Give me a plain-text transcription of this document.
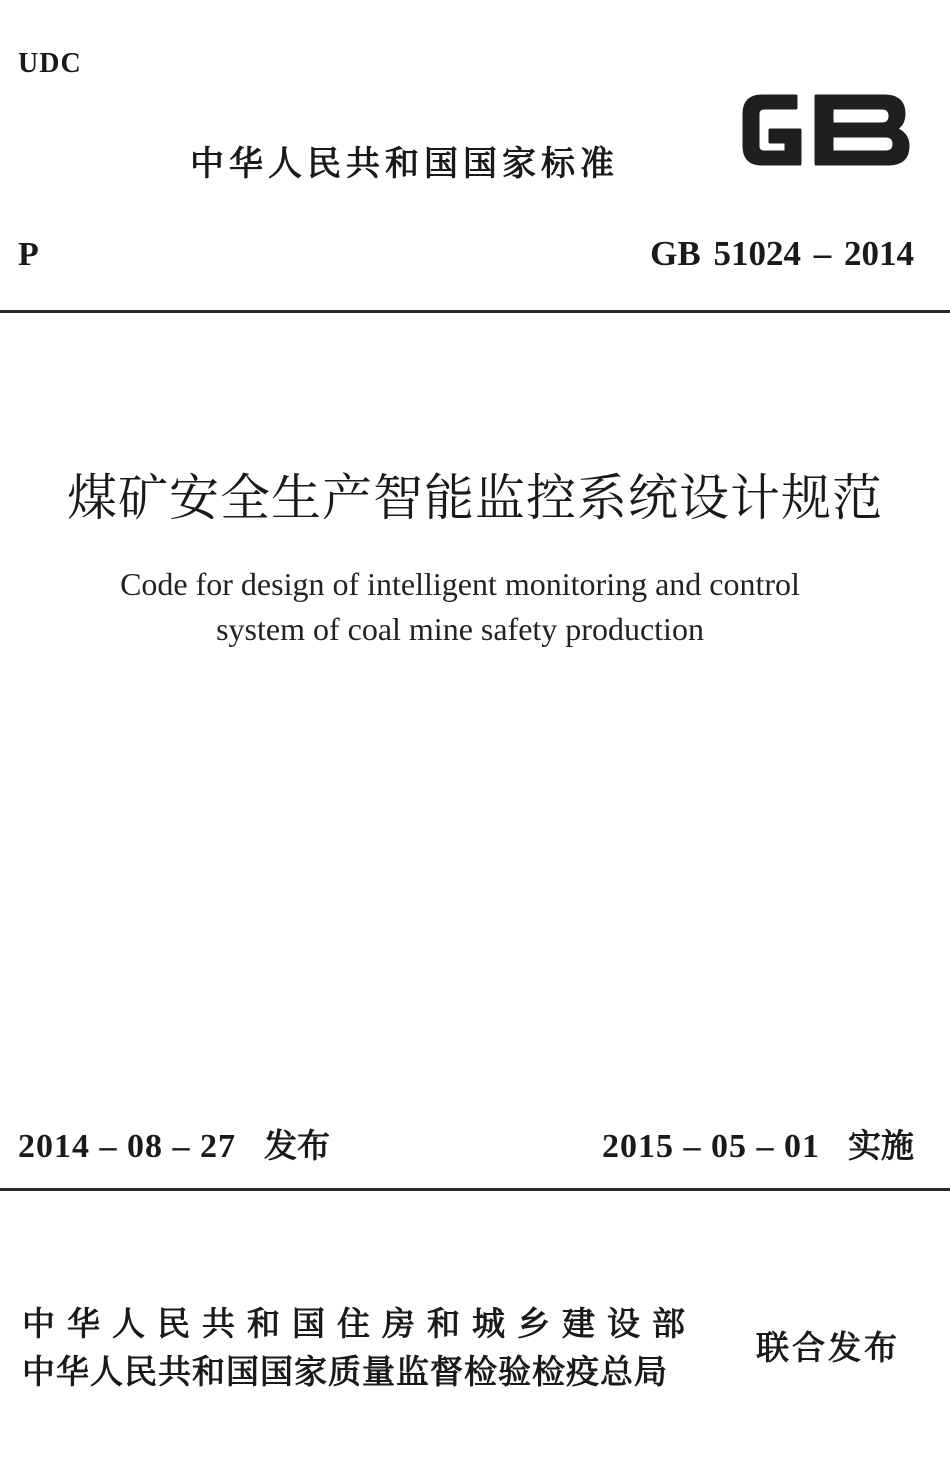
UDC
中华人民共和国国家标准
P	GB 51024 – 2014
煤矿安全生产智能监控系统设计规范
Code for design of intelligent monitoring and control
system of coal mine safety production
2014 – 08 – 27 发布	2015 – 05 – 01 实施
中华人民共和国住房和城乡建设部
中华人民共和国国家质量监督检验检疫总局
联合发布
